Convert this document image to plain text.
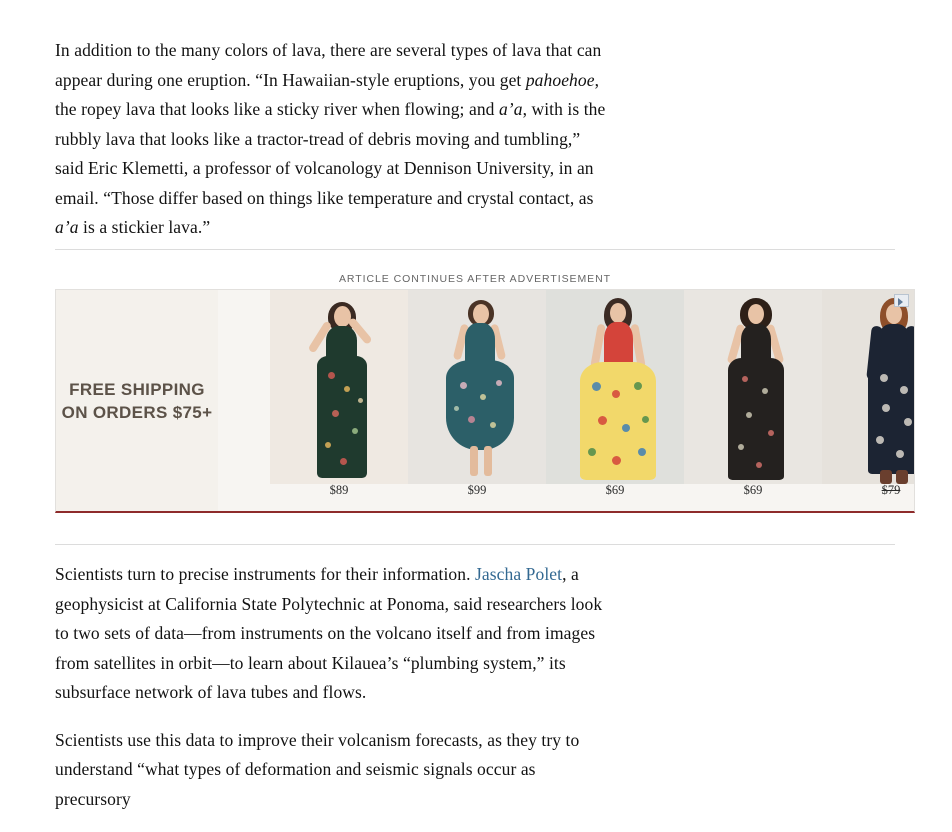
In addition to the many colors of lava, there are several types of lava that can appear during one eruption. “In Hawaiian-style eruptions, you get pahoehoe, the ropey lava that looks like a sticky river when flowing; and a’a, with is the rubbly lava that looks like a tractor-tread of debris moving and tumbling,” said Eric Klemetti, a professor of volcanology at Dennison University, in an email. “Those differ based on things like temperature and crystal contact, as a’a is a stickier lava.”

ARTICLE CONTINUES AFTER ADVERTISEMENT
FREE SHIPPING
ON ORDERS $75+
$89	$99	$69	$69	$79

Scientists turn to precise instruments for their information. Jascha Polet, a geophysicist at California State Polytechnic at Ponoma, said researchers look to two sets of data—from instruments on the volcano itself and from images from satellites in orbit—to learn about Kilauea’s “plumbing system,” its subsurface network of lava tubes and flows.

Scientists use this data to improve their volcanism forecasts, as they try to understand “what types of deformation and seismic signals occur as precursory
